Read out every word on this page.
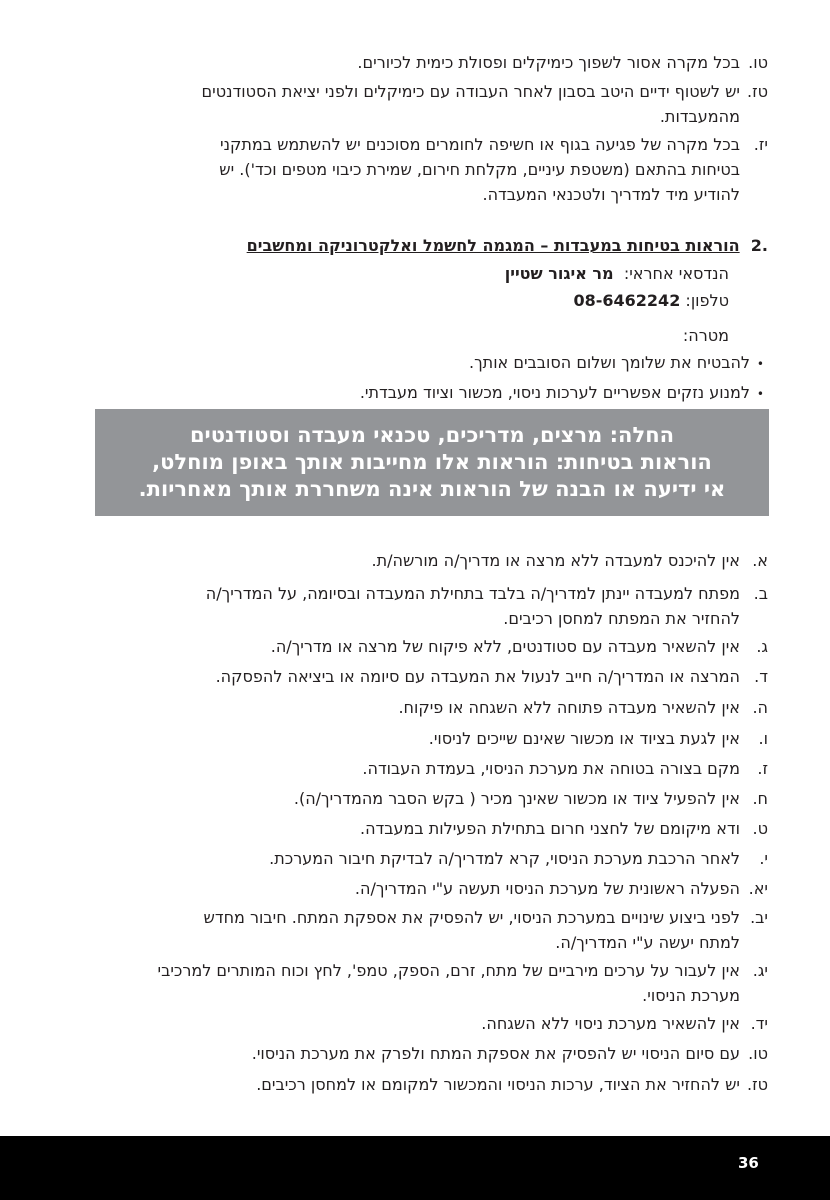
טו.בכל מקרה אסור לשפוך כימיקלים ופסולת כימית לכיורים.
טז.יש לשטוף ידיים היטב בסבון לאחר העבודה עם כימיקלים ולפני יציאת הסטודנטים
מהמעבדות.
יז.בכל מקרה של פגיעה בגוף או חשיפה לחומרים מסוכנים יש להשתמש במתקני
בטיחות בהתאם (משטפת עיניים, מקלחת חירום, שמירת כיבוי מטפים וכד'). יש
להודיע מיד למדריך ולטכנאי המעבדה.
.2  הוראות בטיחות במעבדות – המגמה לחשמל ואלקטרוניקה ומחשבים
הנדסאי אחראי:  מר איגור שטיין
טלפון: 08-6462242
מטרה:
•להבטיח את שלומך ושלום הסובבים אותך.
•למנוע נזקים אפשריים לערכות ניסוי, מכשור וציוד מעבדתי.
החלה: מרצים, מדריכים, טכנאי מעבדה וסטודנטים
הוראות בטיחות: הוראות אלו מחייבות אותך באופן מוחלט,
אי ידיעה או הבנה של הוראות אינה משחררת אותך מאחריות.
א.אין להיכנס למעבדה ללא מרצה או מדריך/ה מורשה/ת.
ב.מפתח למעבדה יינתן למדריך/ה בלבד בתחילת המעבדה ובסיומה, על המדריך/ה
להחזיר את המפתח למחסן רכיבים.
ג.אין להשאיר מעבדה עם סטודנטים, ללא פיקוח של מרצה או מדריך/ה.
ד.המרצה או המדריך/ה חייב לנעול את המעבדה עם סיומה או ביציאה להפסקה.
ה.אין להשאיר מעבדה פתוחה ללא השגחה או פיקוח.
ו.אין לגעת בציוד או מכשור שאינם שייכים לניסוי.
ז.מקם בצורה בטוחה את מערכת הניסוי, בעמדת העבודה.
ח.אין להפעיל ציוד או מכשור שאינך מכיר ( בקש הסבר מהמדריך/ה).
ט.ודא מיקומם של לחצני חרום בתחילת הפעילות במעבדה.
י.לאחר הרכבת מערכת הניסוי, קרא למדריך/ה לבדיקת חיבור המערכת.
יא.הפעלה ראשונית של מערכת הניסוי תעשה ע"י המדריך/ה.
יב.לפני ביצוע שינויים במערכת הניסוי, יש להפסיק את אספקת המתח. חיבור מחדש
למתח יעשה ע"י המדריך/ה.
יג.אין לעבור על ערכים מירביים של מתח, זרם, הספק, טמפ', לחץ וכוח המותרים למרכיבי
מערכת הניסוי.
יד.אין להשאיר מערכת ניסוי ללא השגחה.
טו.עם סיום הניסוי יש להפסיק את אספקת המתח ולפרק את מערכת הניסוי.
טז.יש להחזיר את הציוד, ערכות הניסוי והמכשור למקומם או למחסן רכיבים.
36
